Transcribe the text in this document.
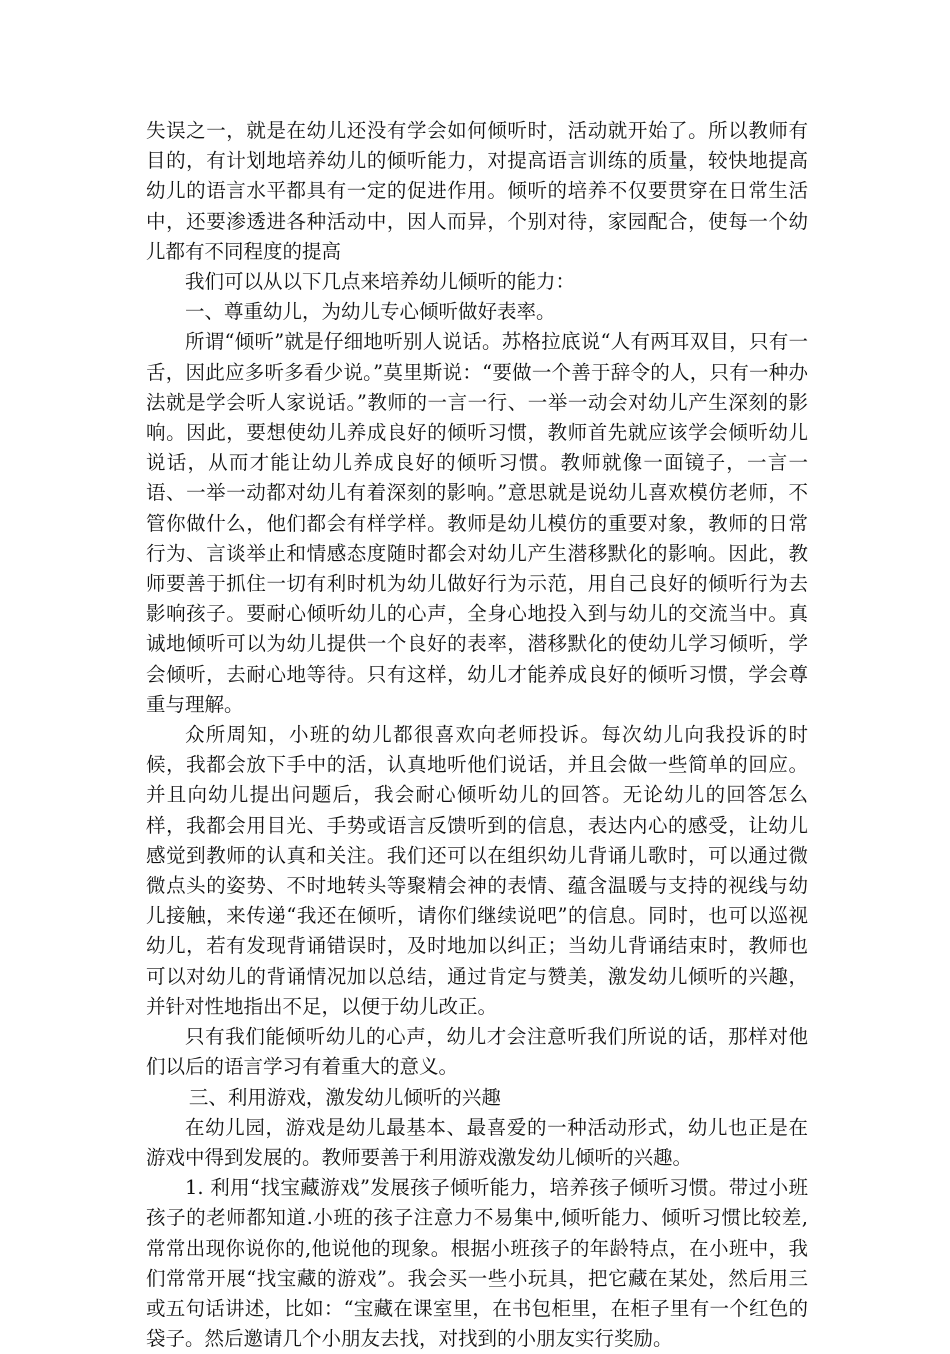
失误之一，就是在幼儿还没有学会如何倾听时，活动就开始了。所以教师有目的，有计划地培养幼儿的倾听能力，对提高语言训练的质量，较快地提高幼儿的语言水平都具有一定的促进作用。倾听的培养不仅要贯穿在日常生活中，还要渗透进各种活动中，因人而异，个别对待，家园配合，使每一个幼儿都有不同程度的提高

我们可以从以下几点来培养幼儿倾听的能力：

一、尊重幼儿，为幼儿专心倾听做好表率。

所谓“倾听”就是仔细地听别人说话。苏格拉底说“人有两耳双目，只有一舌，因此应多听多看少说。”莫里斯说：“要做一个善于辞令的人，只有一种办法就是学会听人家说话。”教师的一言一行、一举一动会对幼儿产生深刻的影响。因此，要想使幼儿养成良好的倾听习惯，教师首先就应该学会倾听幼儿说话，从而才能让幼儿养成良好的倾听习惯。教师就像一面镜子，一言一语、一举一动都对幼儿有着深刻的影响。”意思就是说幼儿喜欢模仿老师，不管你做什么，他们都会有样学样。教师是幼儿模仿的重要对象，教师的日常行为、言谈举止和情感态度随时都会对幼儿产生潜移默化的影响。因此，教师要善于抓住一切有利时机为幼儿做好行为示范，用自己良好的倾听行为去影响孩子。要耐心倾听幼儿的心声，全身心地投入到与幼儿的交流当中。真诚地倾听可以为幼儿提供一个良好的表率，潜移默化的使幼儿学习倾听，学会倾听，去耐心地等待。只有这样，幼儿才能养成良好的倾听习惯，学会尊重与理解。

众所周知，小班的幼儿都很喜欢向老师投诉。每次幼儿向我投诉的时候，我都会放下手中的活，认真地听他们说话，并且会做一些简单的回应。并且向幼儿提出问题后，我会耐心倾听幼儿的回答。无论幼儿的回答怎么样，我都会用目光、手势或语言反馈听到的信息，表达内心的感受，让幼儿感觉到教师的认真和关注。我们还可以在组织幼儿背诵儿歌时，可以通过微微点头的姿势、不时地转头等聚精会神的表情、蕴含温暖与支持的视线与幼儿接触，来传递“我还在倾听，请你们继续说吧”的信息。同时，也可以巡视幼儿，若有发现背诵错误时，及时地加以纠正；当幼儿背诵结束时，教师也可以对幼儿的背诵情况加以总结，通过肯定与赞美，激发幼儿倾听的兴趣，并针对性地指出不足，以便于幼儿改正。

只有我们能倾听幼儿的心声，幼儿才会注意听我们所说的话，那样对他们以后的语言学习有着重大的意义。

三、利用游戏，激发幼儿倾听的兴趣

在幼儿园，游戏是幼儿最基本、最喜爱的一种活动形式，幼儿也正是在游戏中得到发展的。教师要善于利用游戏激发幼儿倾听的兴趣。

1. 利用“找宝藏游戏”发展孩子倾听能力，培养孩子倾听习惯。带过小班孩子的老师都知道.小班的孩子注意力不易集中,倾听能力、倾听习惯比较差,常常出现你说你的,他说他的现象。根据小班孩子的年龄特点，在小班中，我们常常开展“找宝藏的游戏”。我会买一些小玩具，把它藏在某处，然后用三或五句话讲述，比如：“宝藏在课室里，在书包柜里，在柜子里有一个红色的袋子。然后邀请几个小朋友去找，对找到的小朋友实行奖励。
